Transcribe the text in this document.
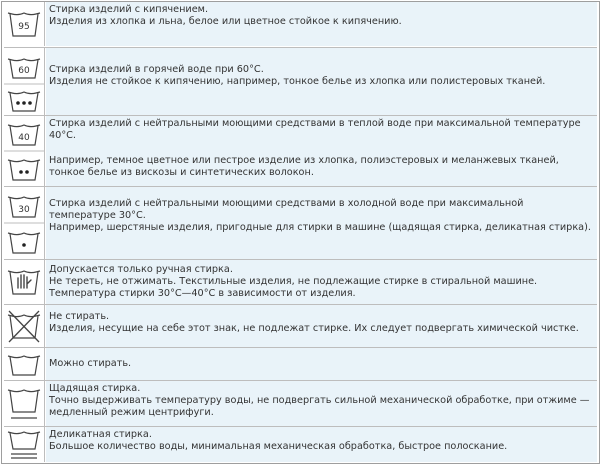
95

Стирка изделий с кипячением.

Изделия из хлопка и льна, белое или цветное стойкое к кипячению.

60 Стирка изделий в горячей воде при 60°С.

Изделия не стойкое к кипячению, например, тонкое белье из хлопка или полистеровых тканей.

40

Стирка изделий с нейтральными моющими средствами в теплой воде при максимальной температуре 40°С.

Например, темное цветное или пестрое изделие из хлопка, полиэстеровых и меланжевых тканей, тонкое белье из вискозы и синтетических волокон.

30

Стирка изделий с нейтральными моющими средствами в холодной воде при максимальной температуре 30°С.

Например, шерстяные изделия, пригодные для стирки в машине (щадящая стирка, деликатная стирка).

Допускается только ручная стирка.

Не тереть, не отжимать. Текстильные изделия, не подлежащие стирке в стиральной машине. Температура стирки 30°С—40°С в зависимости от изделия.

Не стирать.

Изделия, несущие на себе этот знак, не подлежат стирке. Их следует подвергать химической чистке.

Можно стирать.

Щадящая стирка.

Точно выдерживать температуру воды, не подвергать сильной механической обработке, при отжиме — медленный режим центрифуги.

Деликатная стирка.

Большое количество воды, минимальная механическая обработка, быстрое полоскание.
